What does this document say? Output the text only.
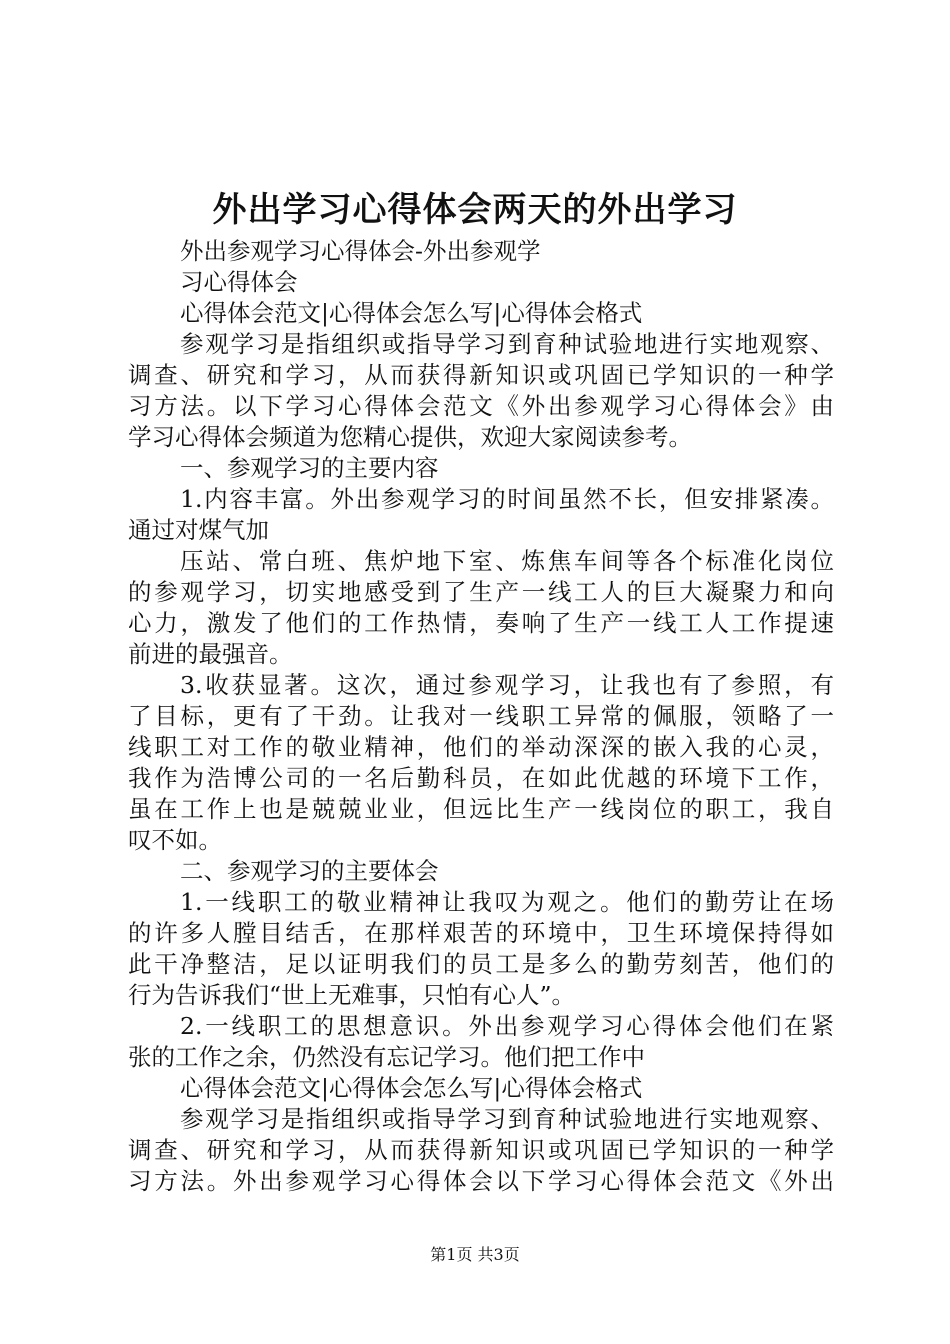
外出学习心得体会两天的外出学习
外出参观学习心得体会-外出参观学
习心得体会
心得体会范文|心得体会怎么写|心得体会格式
参观学习是指组织或指导学习到育种试验地进行实地观察、
调查、研究和学习，从而获得新知识或巩固已学知识的一种学
习方法。以下学习心得体会范文《外出参观学习心得体会》由
学习心得体会频道为您精心提供，欢迎大家阅读参考。
一、参观学习的主要内容
1.内容丰富。外出参观学习的时间虽然不长，但安排紧凑。
通过对煤气加
压站、常白班、焦炉地下室、炼焦车间等各个标准化岗位
的参观学习，切实地感受到了生产一线工人的巨大凝聚力和向
心力，激发了他们的工作热情，奏响了生产一线工人工作提速
前进的最强音。
3.收获显著。这次，通过参观学习，让我也有了参照，有
了目标，更有了干劲。让我对一线职工异常的佩服，领略了一
线职工对工作的敬业精神，他们的举动深深的嵌入我的心灵，
我作为浩博公司的一名后勤科员，在如此优越的环境下工作，
虽在工作上也是兢兢业业，但远比生产一线岗位的职工，我自
叹不如。
二、参观学习的主要体会
1.一线职工的敬业精神让我叹为观之。他们的勤劳让在场
的许多人膛目结舌，在那样艰苦的环境中，卫生环境保持得如
此干净整洁，足以证明我们的员工是多么的勤劳刻苦，他们的
行为告诉我们“世上无难事，只怕有心人”。
2.一线职工的思想意识。外出参观学习心得体会他们在紧
张的工作之余，仍然没有忘记学习。他们把工作中
心得体会范文|心得体会怎么写|心得体会格式
参观学习是指组织或指导学习到育种试验地进行实地观察、
调查、研究和学习，从而获得新知识或巩固已学知识的一种学
习方法。外出参观学习心得体会以下学习心得体会范文《外出
第1页 共3页
